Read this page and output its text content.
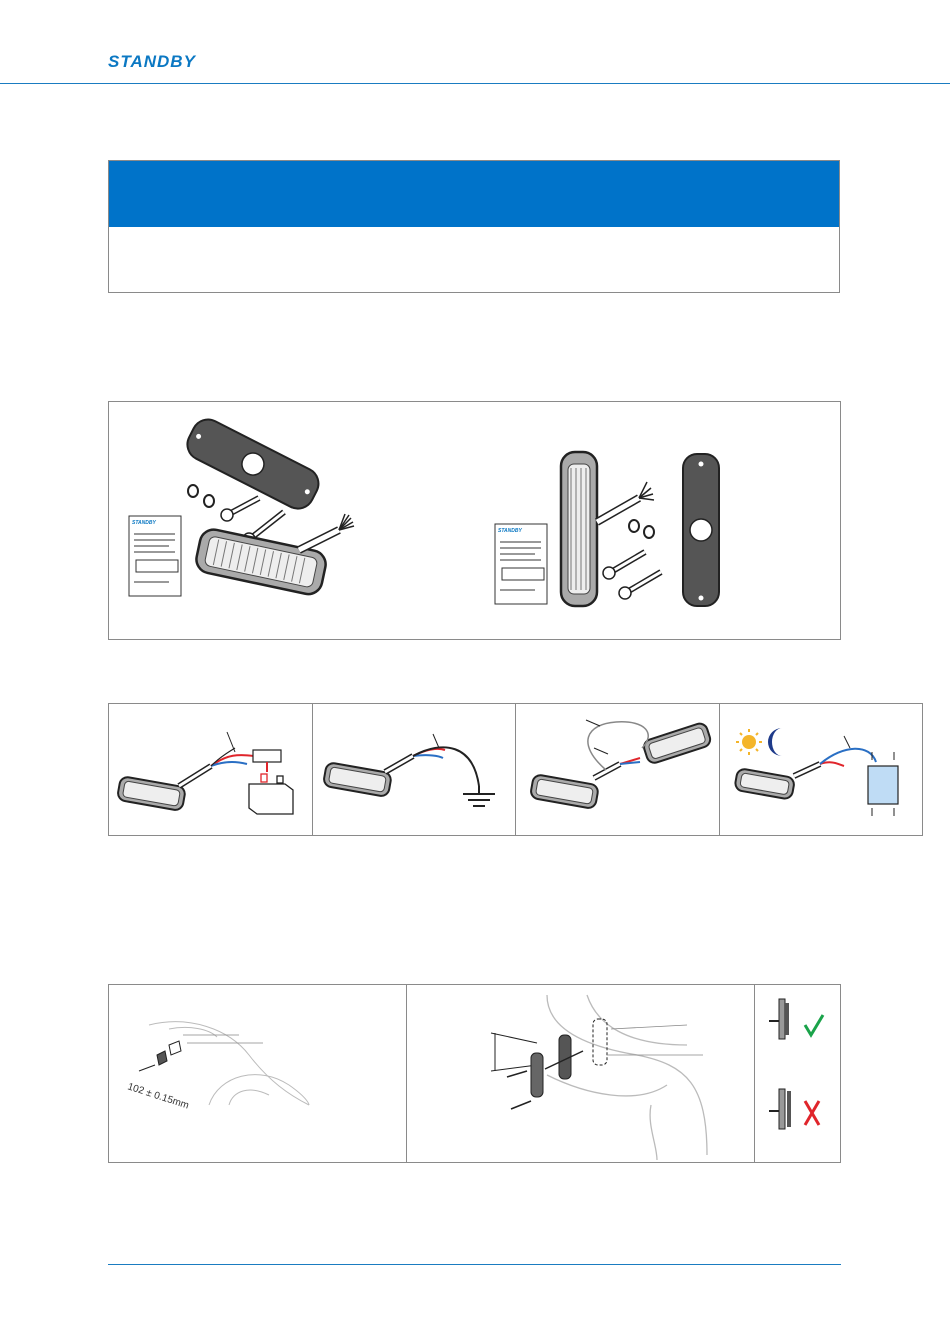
STANDBY
STANDBY
STANDBY
102 ± 0.15mm
